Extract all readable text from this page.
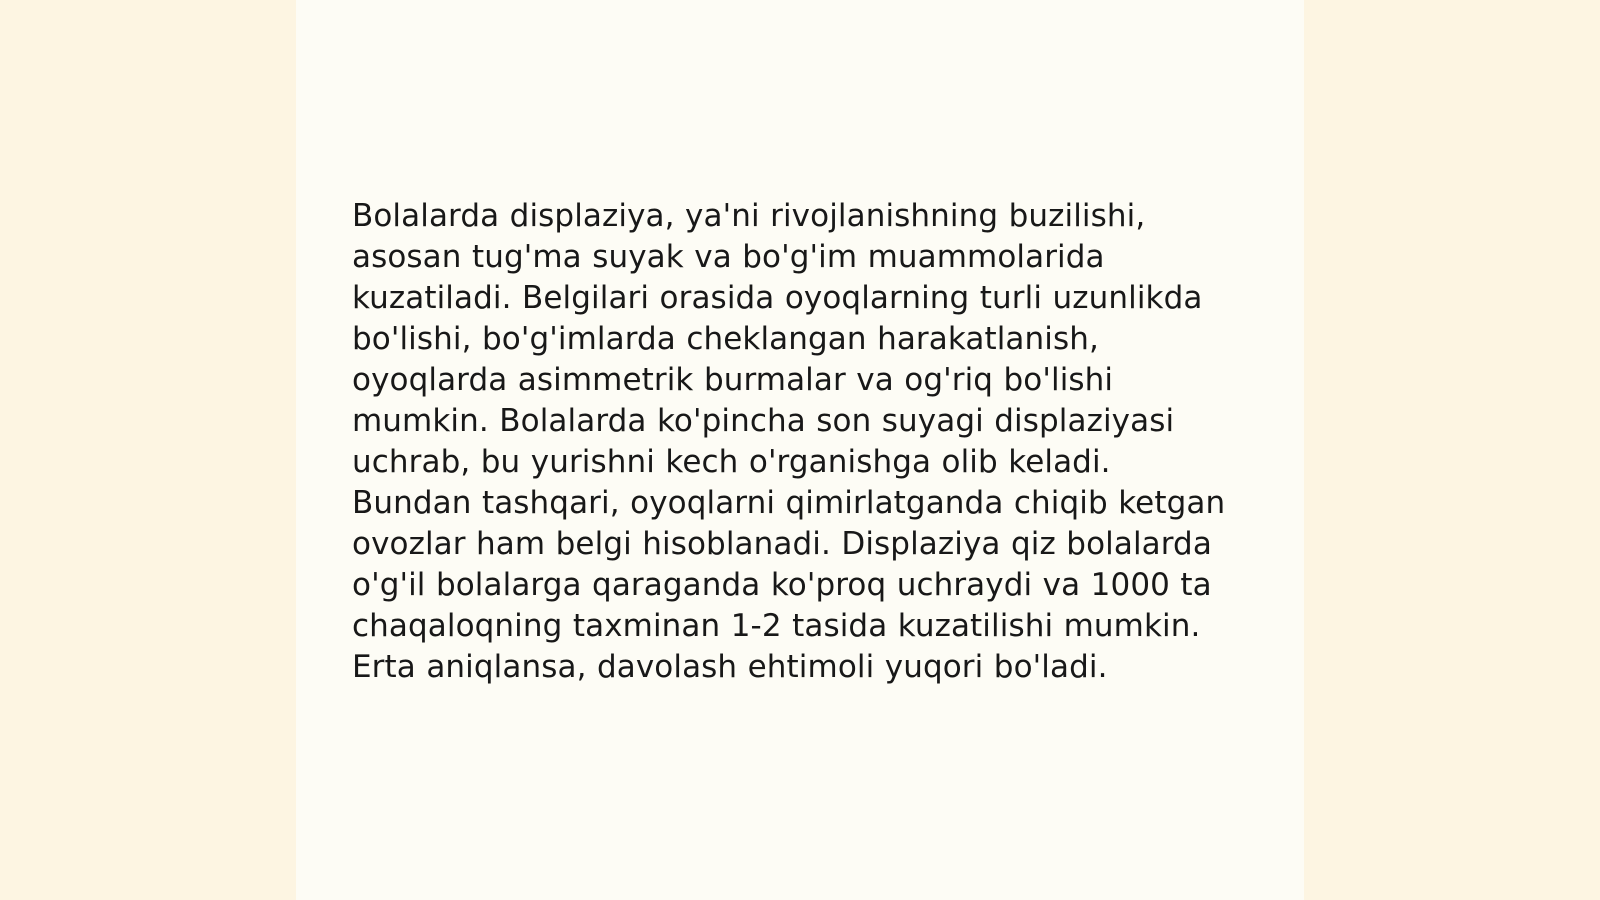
Bolalarda displaziya, ya'ni rivojlanishning buzilishi, asosan tug'ma suyak va bo'g'im muammolarida kuzatiladi. Belgilari orasida oyoqlarning turli uzunlikda bo'lishi, bo'g'imlarda cheklangan harakatlanish, oyoqlarda asimmetrik burmalar va og'riq bo'lishi mumkin. Bolalarda ko'pincha son suyagi displaziyasi uchrab, bu yurishni kech o'rganishga olib keladi. Bundan tashqari, oyoqlarni qimirlatganda chiqib ketgan ovozlar ham belgi hisoblanadi. Displaziya qiz bolalarda o'g'il bolalarga qaraganda ko'proq uchraydi va 1000 ta chaqaloqning taxminan 1-2 tasida kuzatilishi mumkin. Erta aniqlansa, davolash ehtimoli yuqori bo'ladi.
